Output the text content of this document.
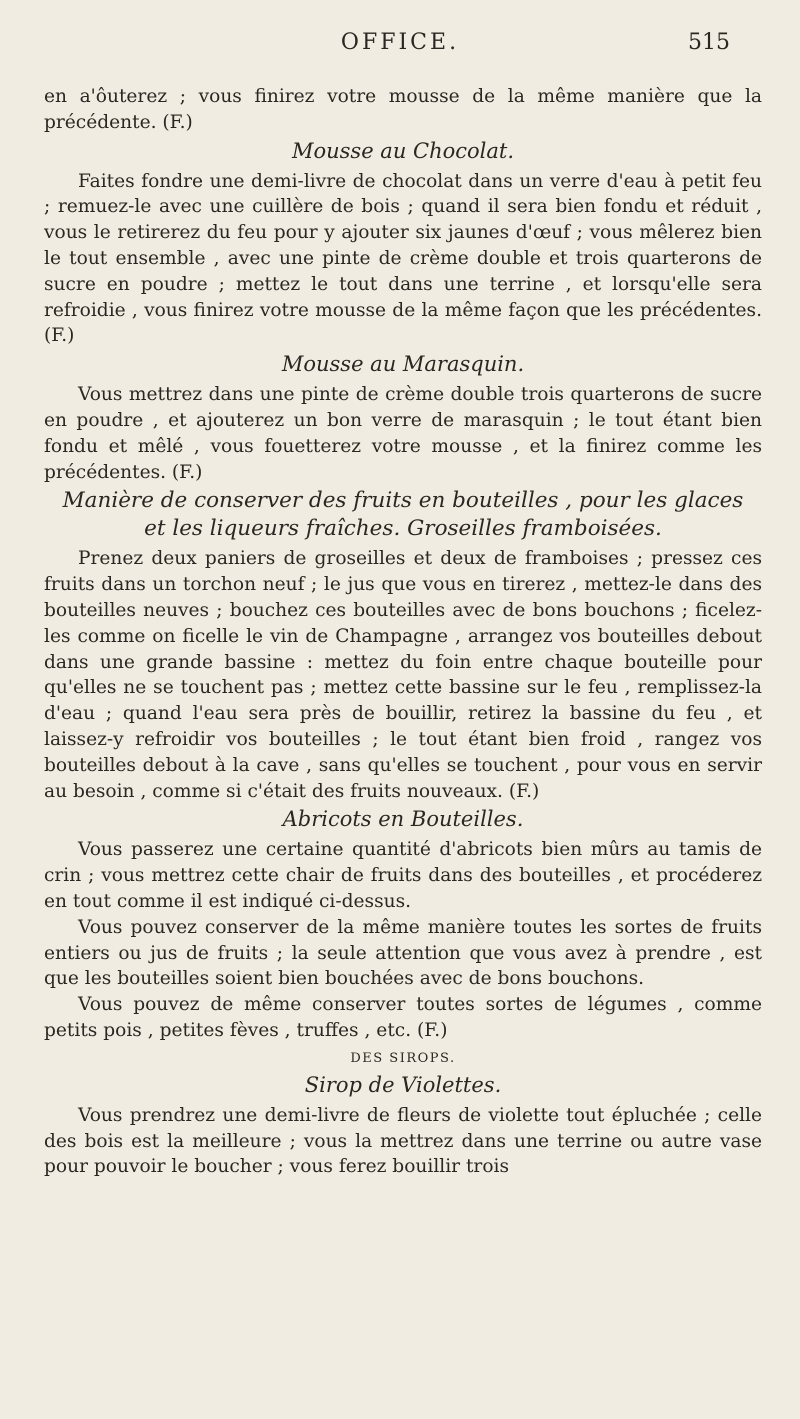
OFFICE.	515

en a'ôuterez ; vous finirez votre mousse de la même manière que la précédente. (F.)

Mousse au Chocolat.

Faites fondre une demi-livre de chocolat dans un verre d'eau à petit feu ; remuez-le avec une cuillère de bois ; quand il sera bien fondu et réduit , vous le retirerez du feu pour y ajouter six jaunes d'œuf ; vous mêlerez bien le tout ensemble , avec une pinte de crème double et trois quarterons de sucre en poudre ; mettez le tout dans une terrine , et lorsqu'elle sera refroidie , vous finirez votre mousse de la même façon que les précédentes. (F.)

Mousse au Marasquin.

Vous mettrez dans une pinte de crème double trois quarterons de sucre en poudre , et ajouterez un bon verre de marasquin ; le tout étant bien fondu et mêlé , vous fouetterez votre mousse , et la finirez comme les précédentes. (F.)

Manière de conserver des fruits en bouteilles , pour les glaces
et les liqueurs fraîches. Groseilles framboisées.

Prenez deux paniers de groseilles et deux de framboises ; pressez ces fruits dans un torchon neuf ; le jus que vous en tirerez , mettez-le dans des bouteilles neuves ; bouchez ces bouteilles avec de bons bouchons ; ficelez-les comme on ficelle le vin de Champagne , arrangez vos bouteilles debout dans une grande bassine : mettez du foin entre chaque bouteille pour qu'elles ne se touchent pas ; mettez cette bassine sur le feu , remplissez-la d'eau ; quand l'eau sera près de bouillir, retirez la bassine du feu , et laissez-y refroidir vos bouteilles ; le tout étant bien froid , rangez vos bouteilles debout à la cave , sans qu'elles se touchent , pour vous en servir au besoin , comme si c'était des fruits nouveaux. (F.)

Abricots en Bouteilles.

Vous passerez une certaine quantité d'abricots bien mûrs au tamis de crin ; vous mettrez cette chair de fruits dans des bouteilles , et procéderez en tout comme il est indiqué ci-dessus.

Vous pouvez conserver de la même manière toutes les sortes de fruits entiers ou jus de fruits ; la seule attention que vous avez à prendre , est que les bouteilles soient bien bouchées avec de bons bouchons.

Vous pouvez de même conserver toutes sortes de légumes , comme petits pois , petites fèves , truffes , etc. (F.)

DES SIROPS.
Sirop de Violettes.

Vous prendrez une demi-livre de fleurs de violette tout épluchée ; celle des bois est la meilleure ; vous la mettrez dans une terrine ou autre vase pour pouvoir le boucher ; vous ferez bouillir trois
